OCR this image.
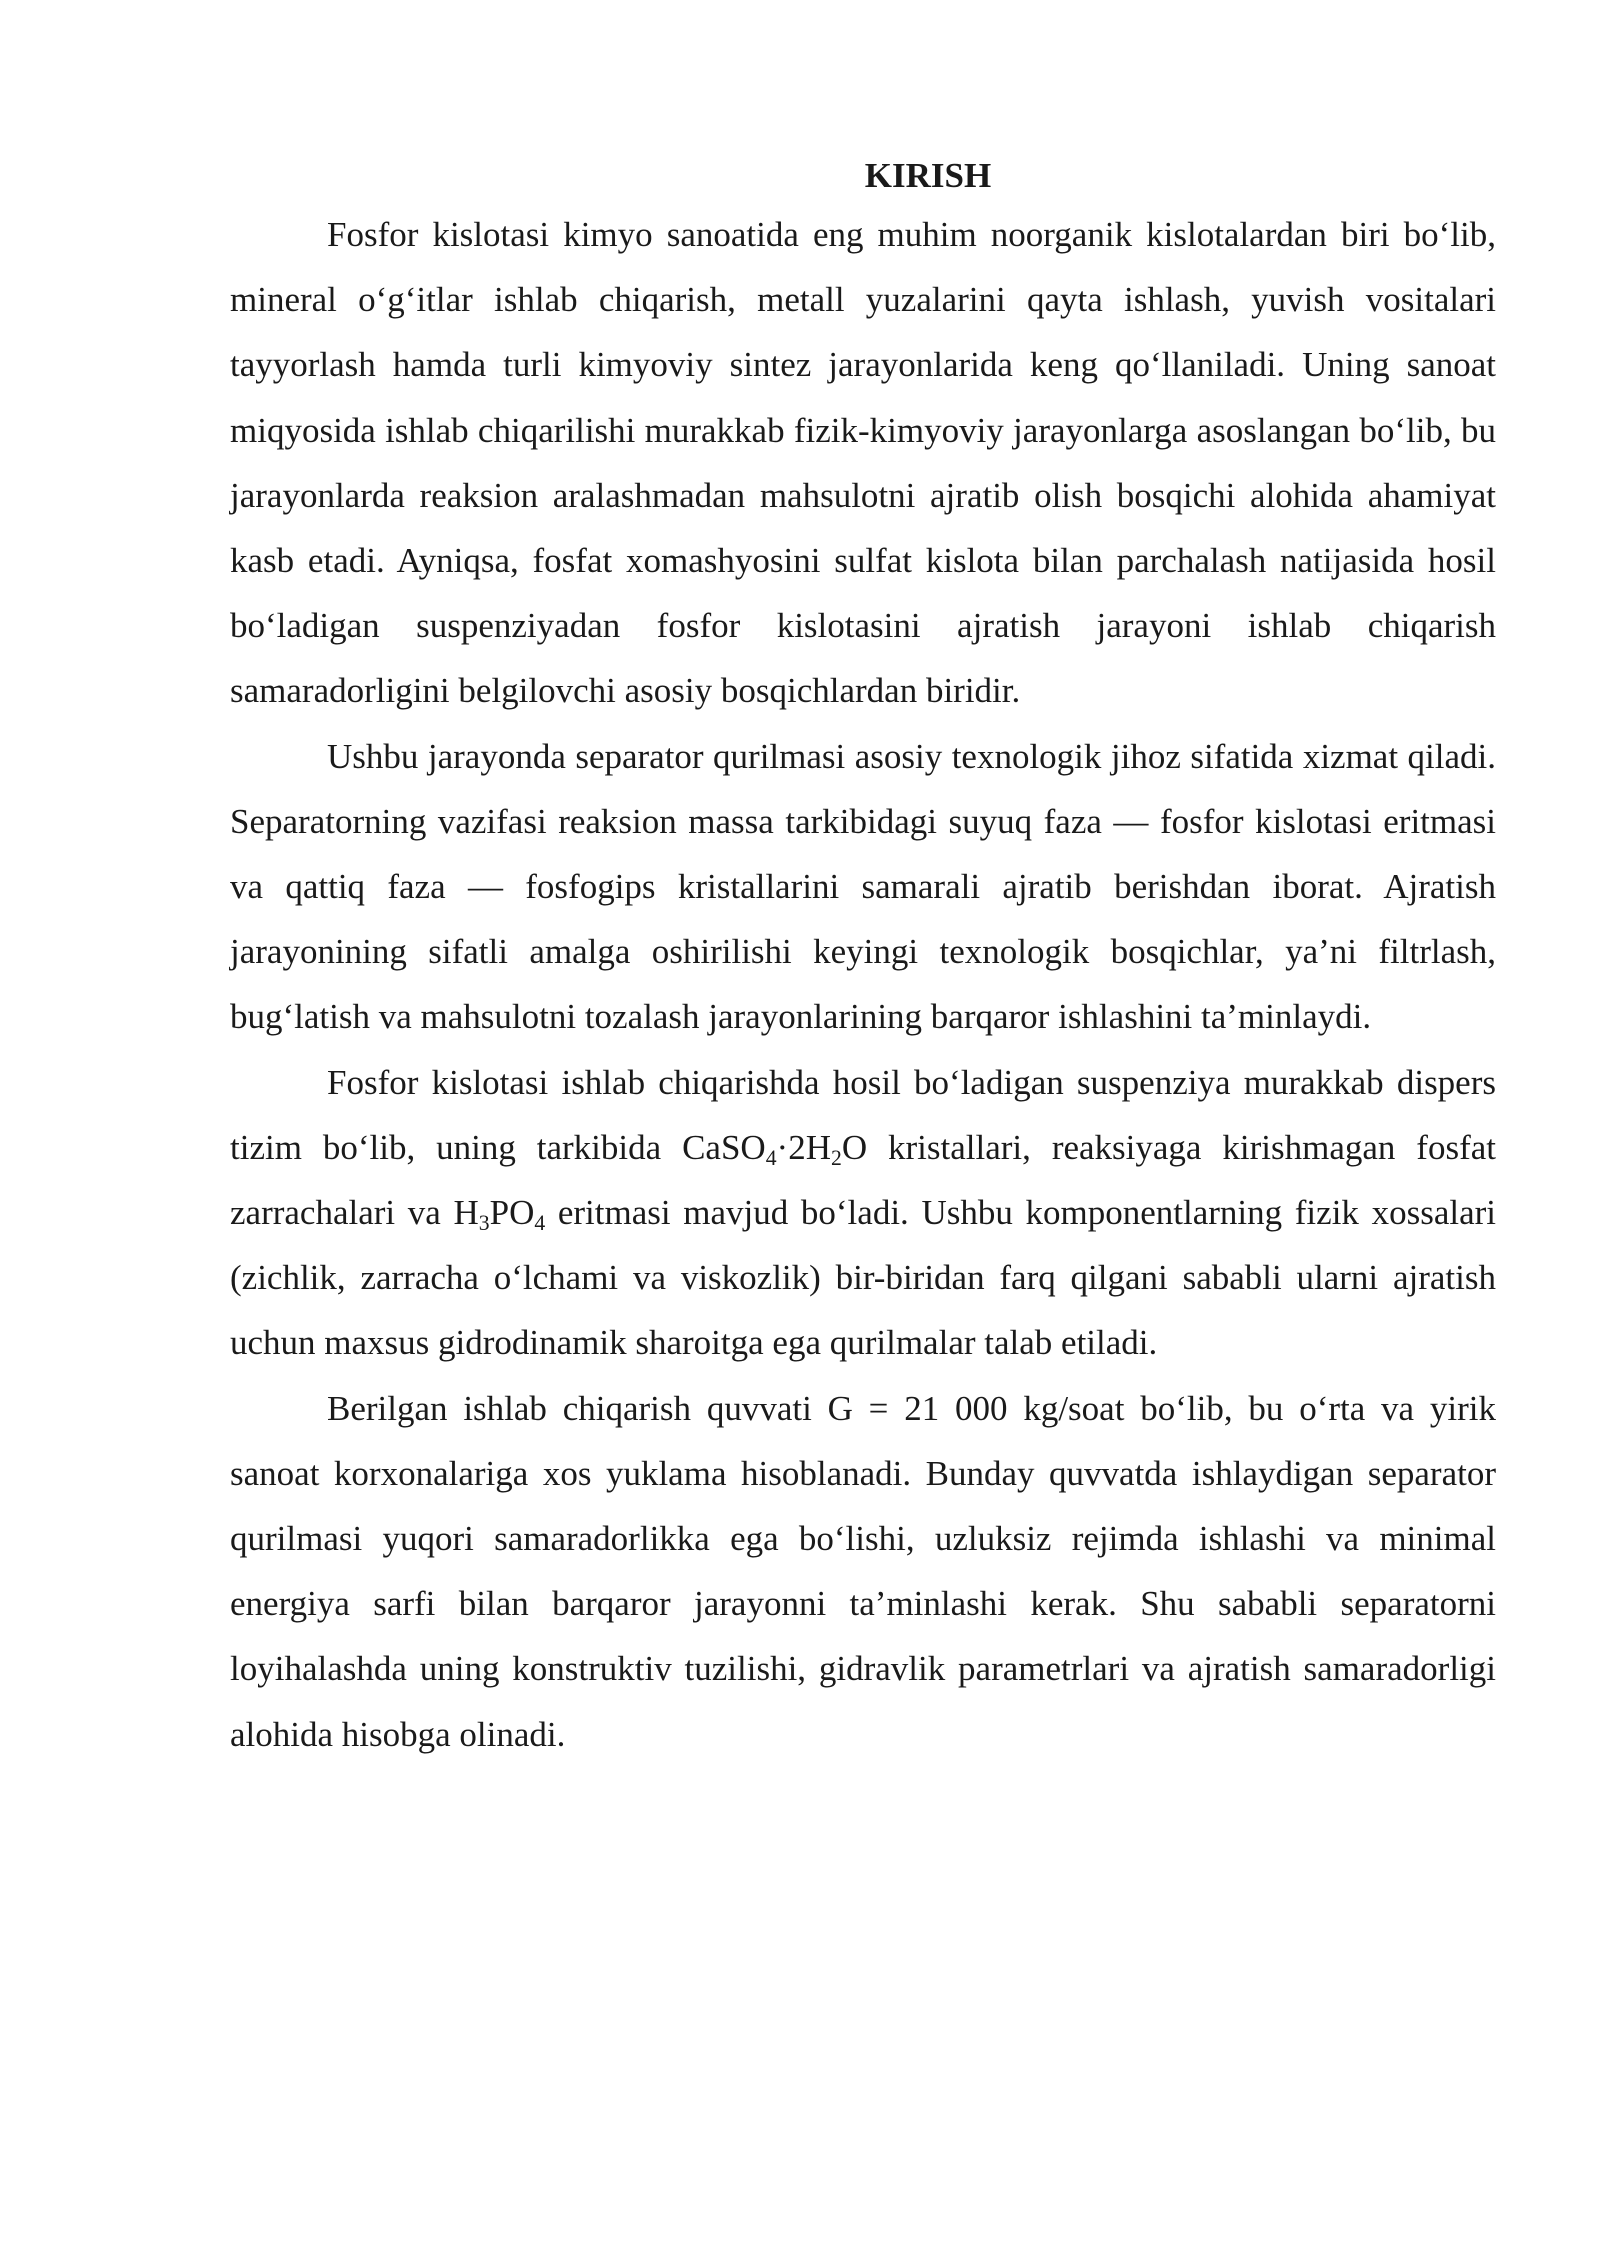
KIRISH

Fosfor kislotasi kimyo sanoatida eng muhim noorganik kislotalardan biri bo‘lib, mineral o‘g‘itlar ishlab chiqarish, metall yuzalarini qayta ishlash, yuvish vositalari tayyorlash hamda turli kimyoviy sintez jarayonlarida keng qo‘llaniladi. Uning sanoat miqyosida ishlab chiqarilishi murakkab fizik-kimyoviy jarayonlarga asoslangan bo‘lib, bu jarayonlarda reaksion aralashmadan mahsulotni ajratib olish bosqichi alohida ahamiyat kasb etadi. Ayniqsa, fosfat xomashyosini sulfat kislota bilan parchalash natijasida hosil bo‘ladigan suspenziyadan fosfor kislotasini ajratish jarayoni ishlab chiqarish samaradorligini belgilovchi asosiy bosqichlardan biridir.

Ushbu jarayonda separator qurilmasi asosiy texnologik jihoz sifatida xizmat qiladi. Separatorning vazifasi reaksion massa tarkibidagi suyuq faza — fosfor kislotasi eritmasi va qattiq faza — fosfogips kristallarini samarali ajratib berishdan iborat. Ajratish jarayonining sifatli amalga oshirilishi keyingi texnologik bosqichlar, ya’ni filtrlash, bug‘latish va mahsulotni tozalash jarayonlarining barqaror ishlashini ta’minlaydi.

Fosfor kislotasi ishlab chiqarishda hosil bo‘ladigan suspenziya murakkab dispers tizim bo‘lib, uning tarkibida $CaSO_4\cdot 2H_2O$ kristallari, reaksiyaga kirishmagan fosfat zarrachalari va $H_3PO_4$ eritmasi mavjud bo‘ladi. Ushbu komponentlarning fizik xossalari (zichlik, zarracha o‘lchami va viskozlik) bir-biridan farq qilgani sababli ularni ajratish uchun maxsus gidrodinamik sharoitga ega qurilmalar talab etiladi.

Berilgan ishlab chiqarish quvvati G = 21 000 kg/soat bo‘lib, bu o‘rta va yirik sanoat korxonalariga xos yuklama hisoblanadi. Bunday quvvatda ishlaydigan separator qurilmasi yuqori samaradorlikka ega bo‘lishi, uzluksiz rejimda ishlashi va minimal energiya sarfi bilan barqaror jarayonni ta’minlashi kerak. Shu sababli separatorni loyihalashda uning konstruktiv tuzilishi, gidravlik parametrlari va ajratish samaradorligi alohida hisobga olinadi.
